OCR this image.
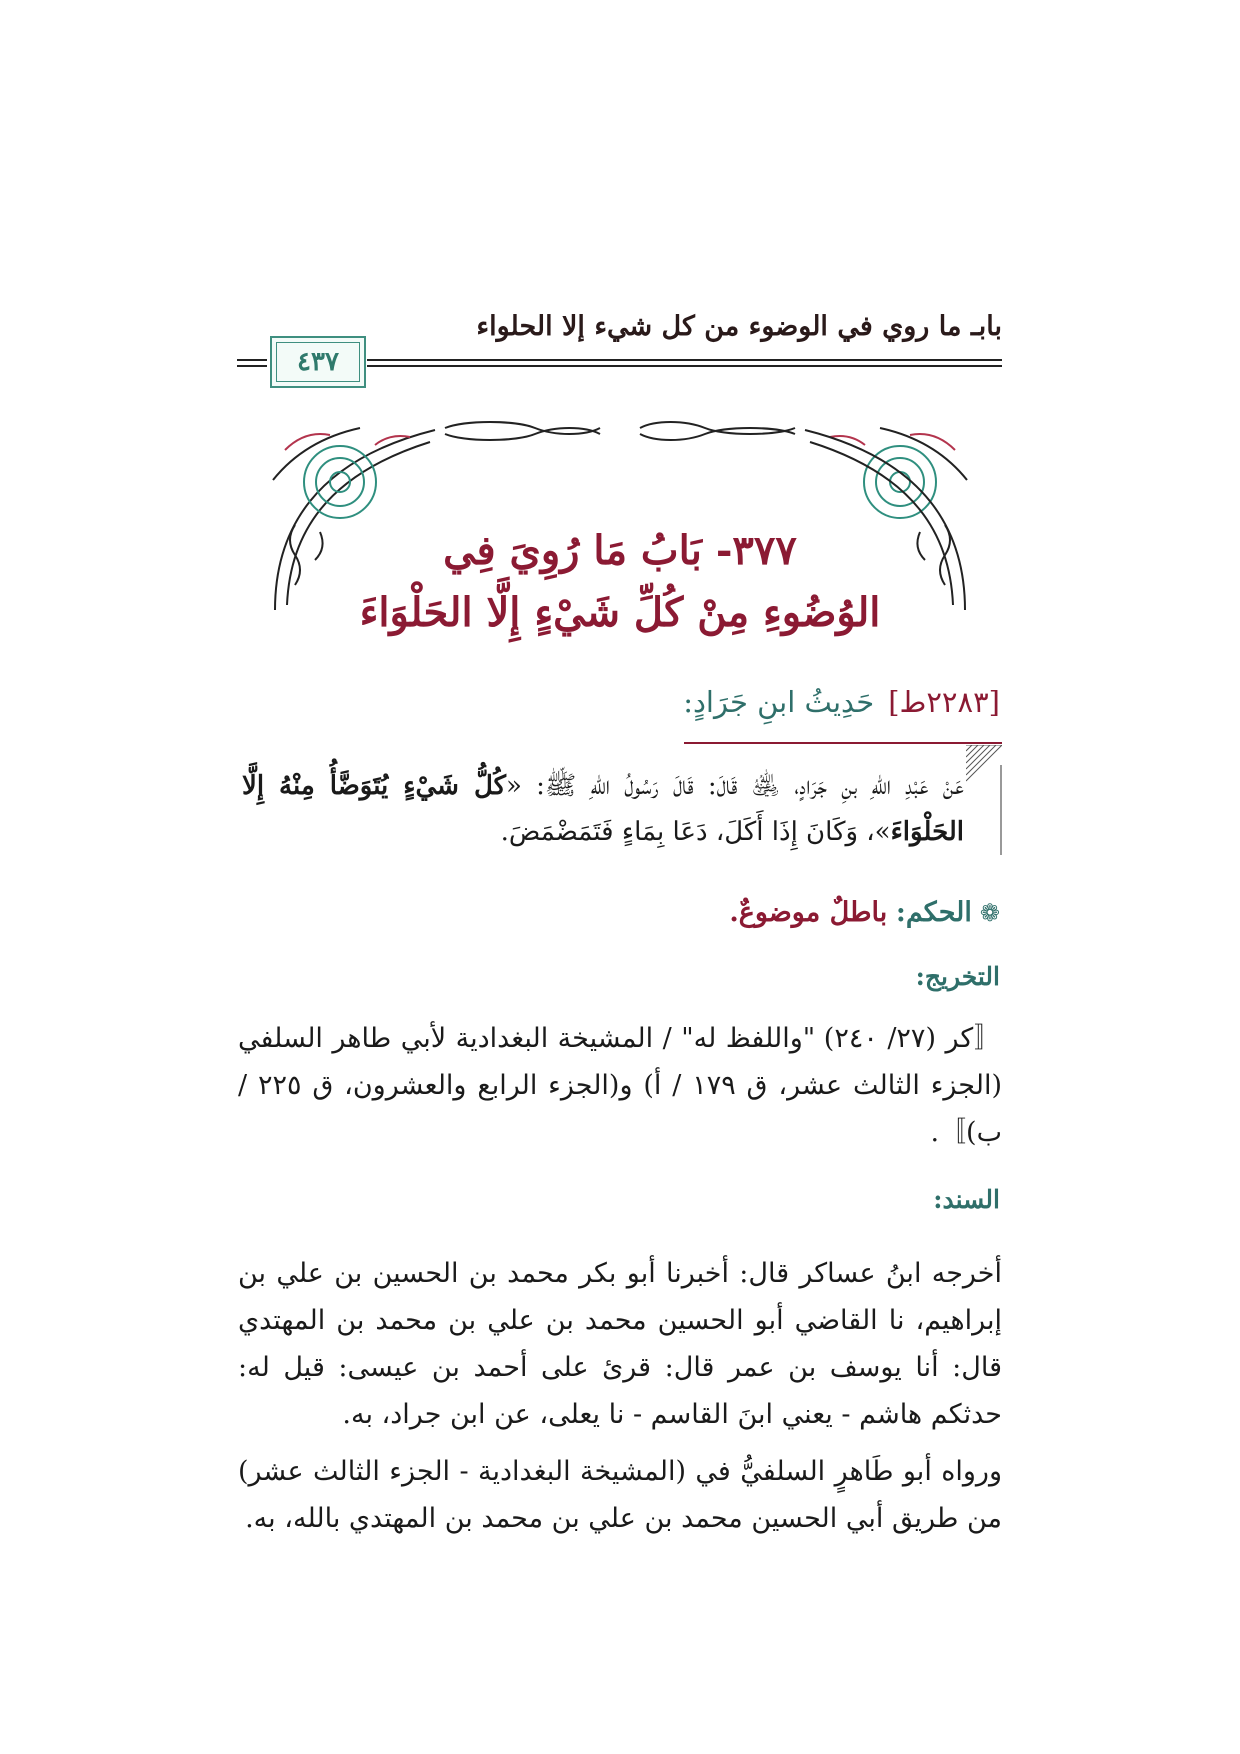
بابـ ما روي في الوضوء من كل شيء إلا الحلواء
٤٣٧
٣٧٧- بَابُ مَا رُوِيَ فِي
الوُضُوءِ مِنْ كُلِّ شَيْءٍ إِلَّا الحَلْوَاءَ
[٢٢٨٣ط]حَدِيثُ ابنِ جَرَادٍ:
عَنْ عَبْدِ اللهِ بنِ جَرَادٍ، ﵁ قَالَ: قَالَ رَسُولُ اللهِ ﷺ: «كُلُّ شَيْءٍ يُتَوَضَّأُ مِنْهُ إِلَّا الحَلْوَاءَ»، وَكَانَ إِذَا أَكَلَ، دَعَا بِمَاءٍ فَتَمَضْمَضَ.
❁الحكم: باطلٌ موضوعٌ.
التخريج:
〚كر (٢٧/ ٢٤٠) "واللفظ له" / المشيخة البغدادية لأبي طاهر السلفي (الجزء الثالث عشر، ق ١٧٩ / أ) و(الجزء الرابع والعشرون، ق ٢٢٥ / ب)〛.
السند:
أخرجه ابنُ عساكر قال: أخبرنا أبو بكر محمد بن الحسين بن علي بن إبراهيم، نا القاضي أبو الحسين محمد بن علي بن محمد بن المهتدي قال: أنا يوسف بن عمر قال: قرئ على أحمد بن عيسى: قيل له: حدثكم هاشم - يعني ابنَ القاسم - نا يعلى، عن ابن جراد، به.
ورواه أبو طَاهرٍ السلفيُّ في (المشيخة البغدادية - الجزء الثالث عشر) من طريق أبي الحسين محمد بن علي بن محمد بن المهتدي بالله، به.
